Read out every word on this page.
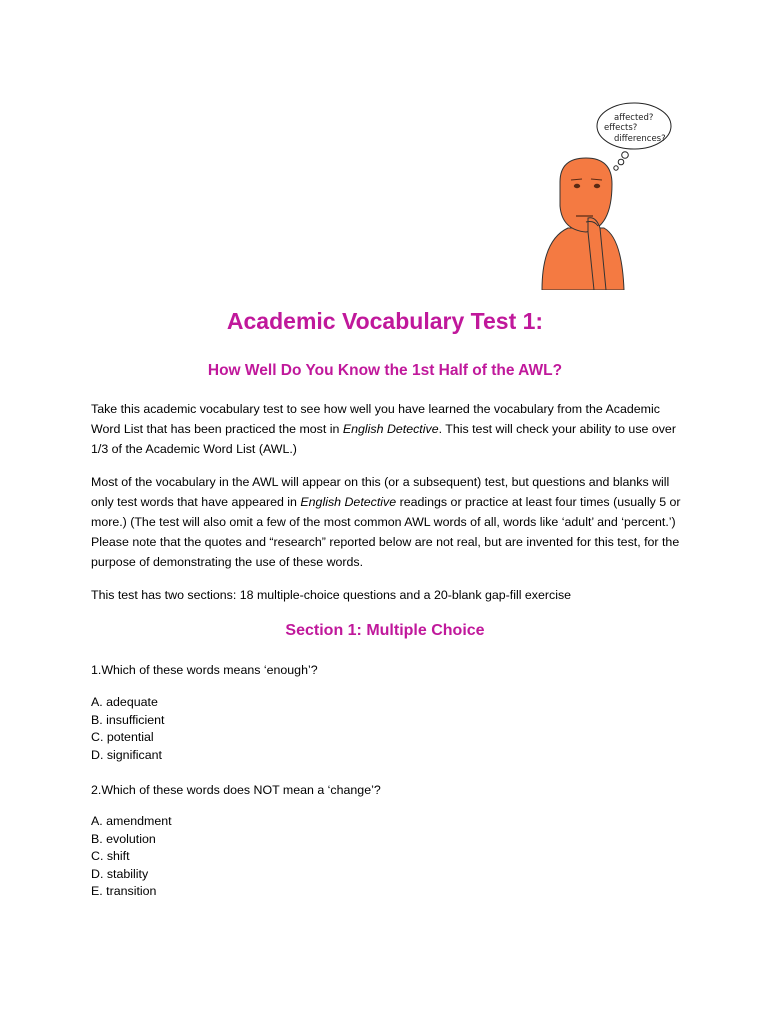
affected?
effects?
differences?
Academic Vocabulary Test 1:
How Well Do You Know the 1st Half of the AWL?

Take this academic vocabulary test to see how well you have learned the vocabulary from the Academic Word List that has been practiced the most in English Detective. This test will check your ability to use over 1/3 of the Academic Word List (AWL.)

Most of the vocabulary in the AWL will appear on this (or a subsequent) test, but questions and blanks will only test words that have appeared in English Detective readings or practice at least four times (usually 5 or more.) (The test will also omit a few of the most common AWL words of all, words like ‘adult’ and ‘percent.’) Please note that the quotes and “research” reported below are not real, but are invented for this test, for the purpose of demonstrating the use of these words.

This test has two sections: 18 multiple-choice questions and a 20-blank gap-fill exercise

Section 1: Multiple Choice

1.Which of these words means ‘enough’?

A. adequate
B. insufficient
C. potential
D. significant

2.Which of these words does NOT mean a ‘change’?

A. amendment
B. evolution
C. shift
D. stability
E. transition
